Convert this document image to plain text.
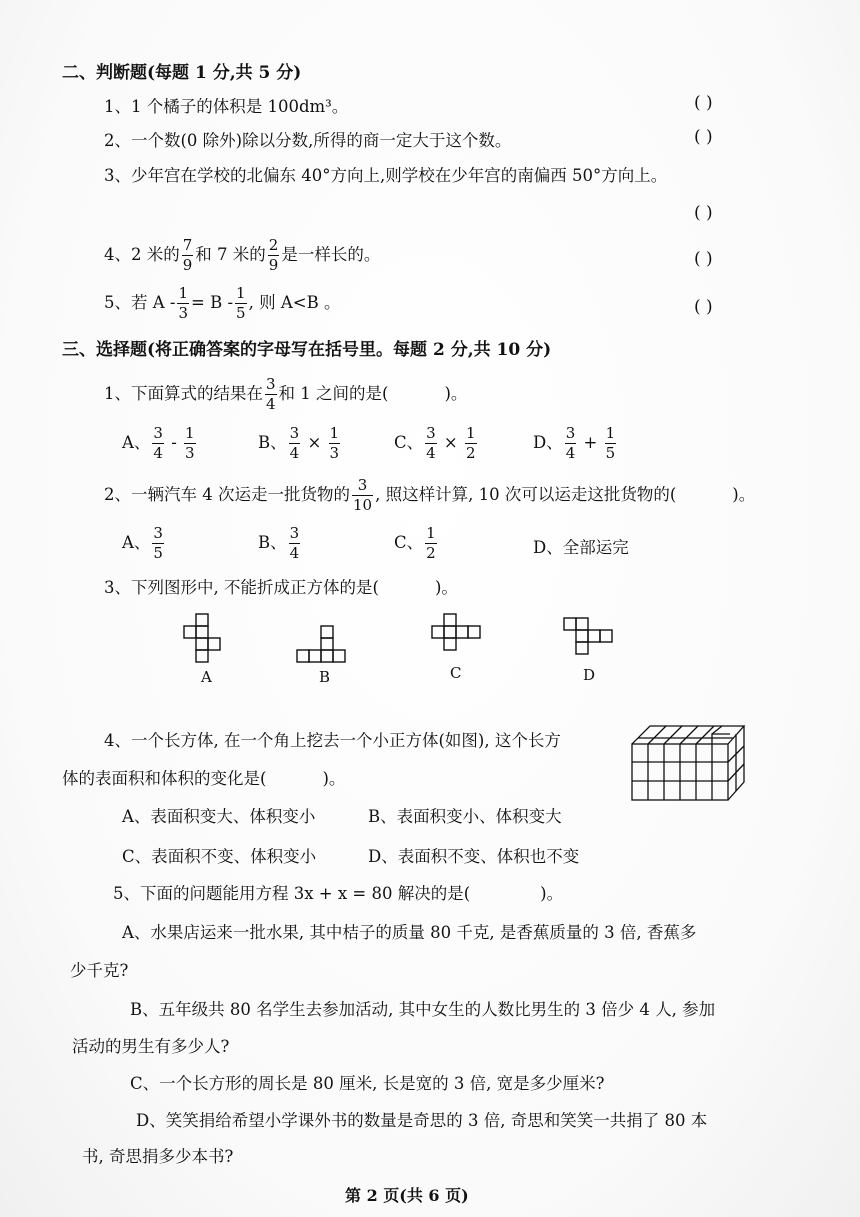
二、判断题(每题 1 分,共 5 分)
1、1 个橘子的体积是 100dm³。	( )
2、一个数(0 除外)除以分数,所得的商一定大于这个数。	( )
3、少年宫在学校的北偏东 40°方向上,则学校在少年宫的南偏西 50°方向上。
( )
4、2 米的 $\frac{7}{9}$ 和 7 米的 $\frac{2}{9}$ 是一样长的。	( )
5、若 $A - \frac{1}{3} = B - \frac{1}{5}$ , 则 A<B 。	( )
三、选择题(将正确答案的字母写在括号里。每题 2 分,共 10 分)
1、下面算式的结果在 $\frac{3}{4}$ 和 1 之间的是(	)。
A、 $\frac{3}{4} - \frac{1}{3}$	B、 $\frac{3}{4} \times \frac{1}{3}$	C、 $\frac{3}{4} \times \frac{1}{2}$	D、 $\frac{3}{4} + \frac{1}{5}$
2、一辆汽车 4 次运走一批货物的 $\frac{3}{10}$ , 照这样计算, 10 次可以运走这批货物的(	)。
A、 $\frac{3}{5}$	B、 $\frac{3}{4}$	C、 $\frac{1}{2}$	D、全部运完
3、下列图形中, 不能折成正方体的是(	)。
A	B	C	D
4、一个长方体, 在一个角上挖去一个小正方体(如图), 这个长方
体的表面积和体积的变化是(	)。
A、表面积变大、体积变小	B、表面积变小、体积变大
C、表面积不变、体积变小	D、表面积不变、体积也不变
5、下面的问题能用方程 3x + x = 80 解决的是(	)。
A、水果店运来一批水果, 其中桔子的质量 80 千克, 是香蕉质量的 3 倍, 香蕉多
少千克?
B、五年级共 80 名学生去参加活动, 其中女生的人数比男生的 3 倍少 4 人, 参加
活动的男生有多少人?
C、一个长方形的周长是 80 厘米, 长是宽的 3 倍, 宽是多少厘米?
D、笑笑捐给希望小学课外书的数量是奇思的 3 倍, 奇思和笑笑一共捐了 80 本
书, 奇思捐多少本书?
第 2 页(共 6 页)
